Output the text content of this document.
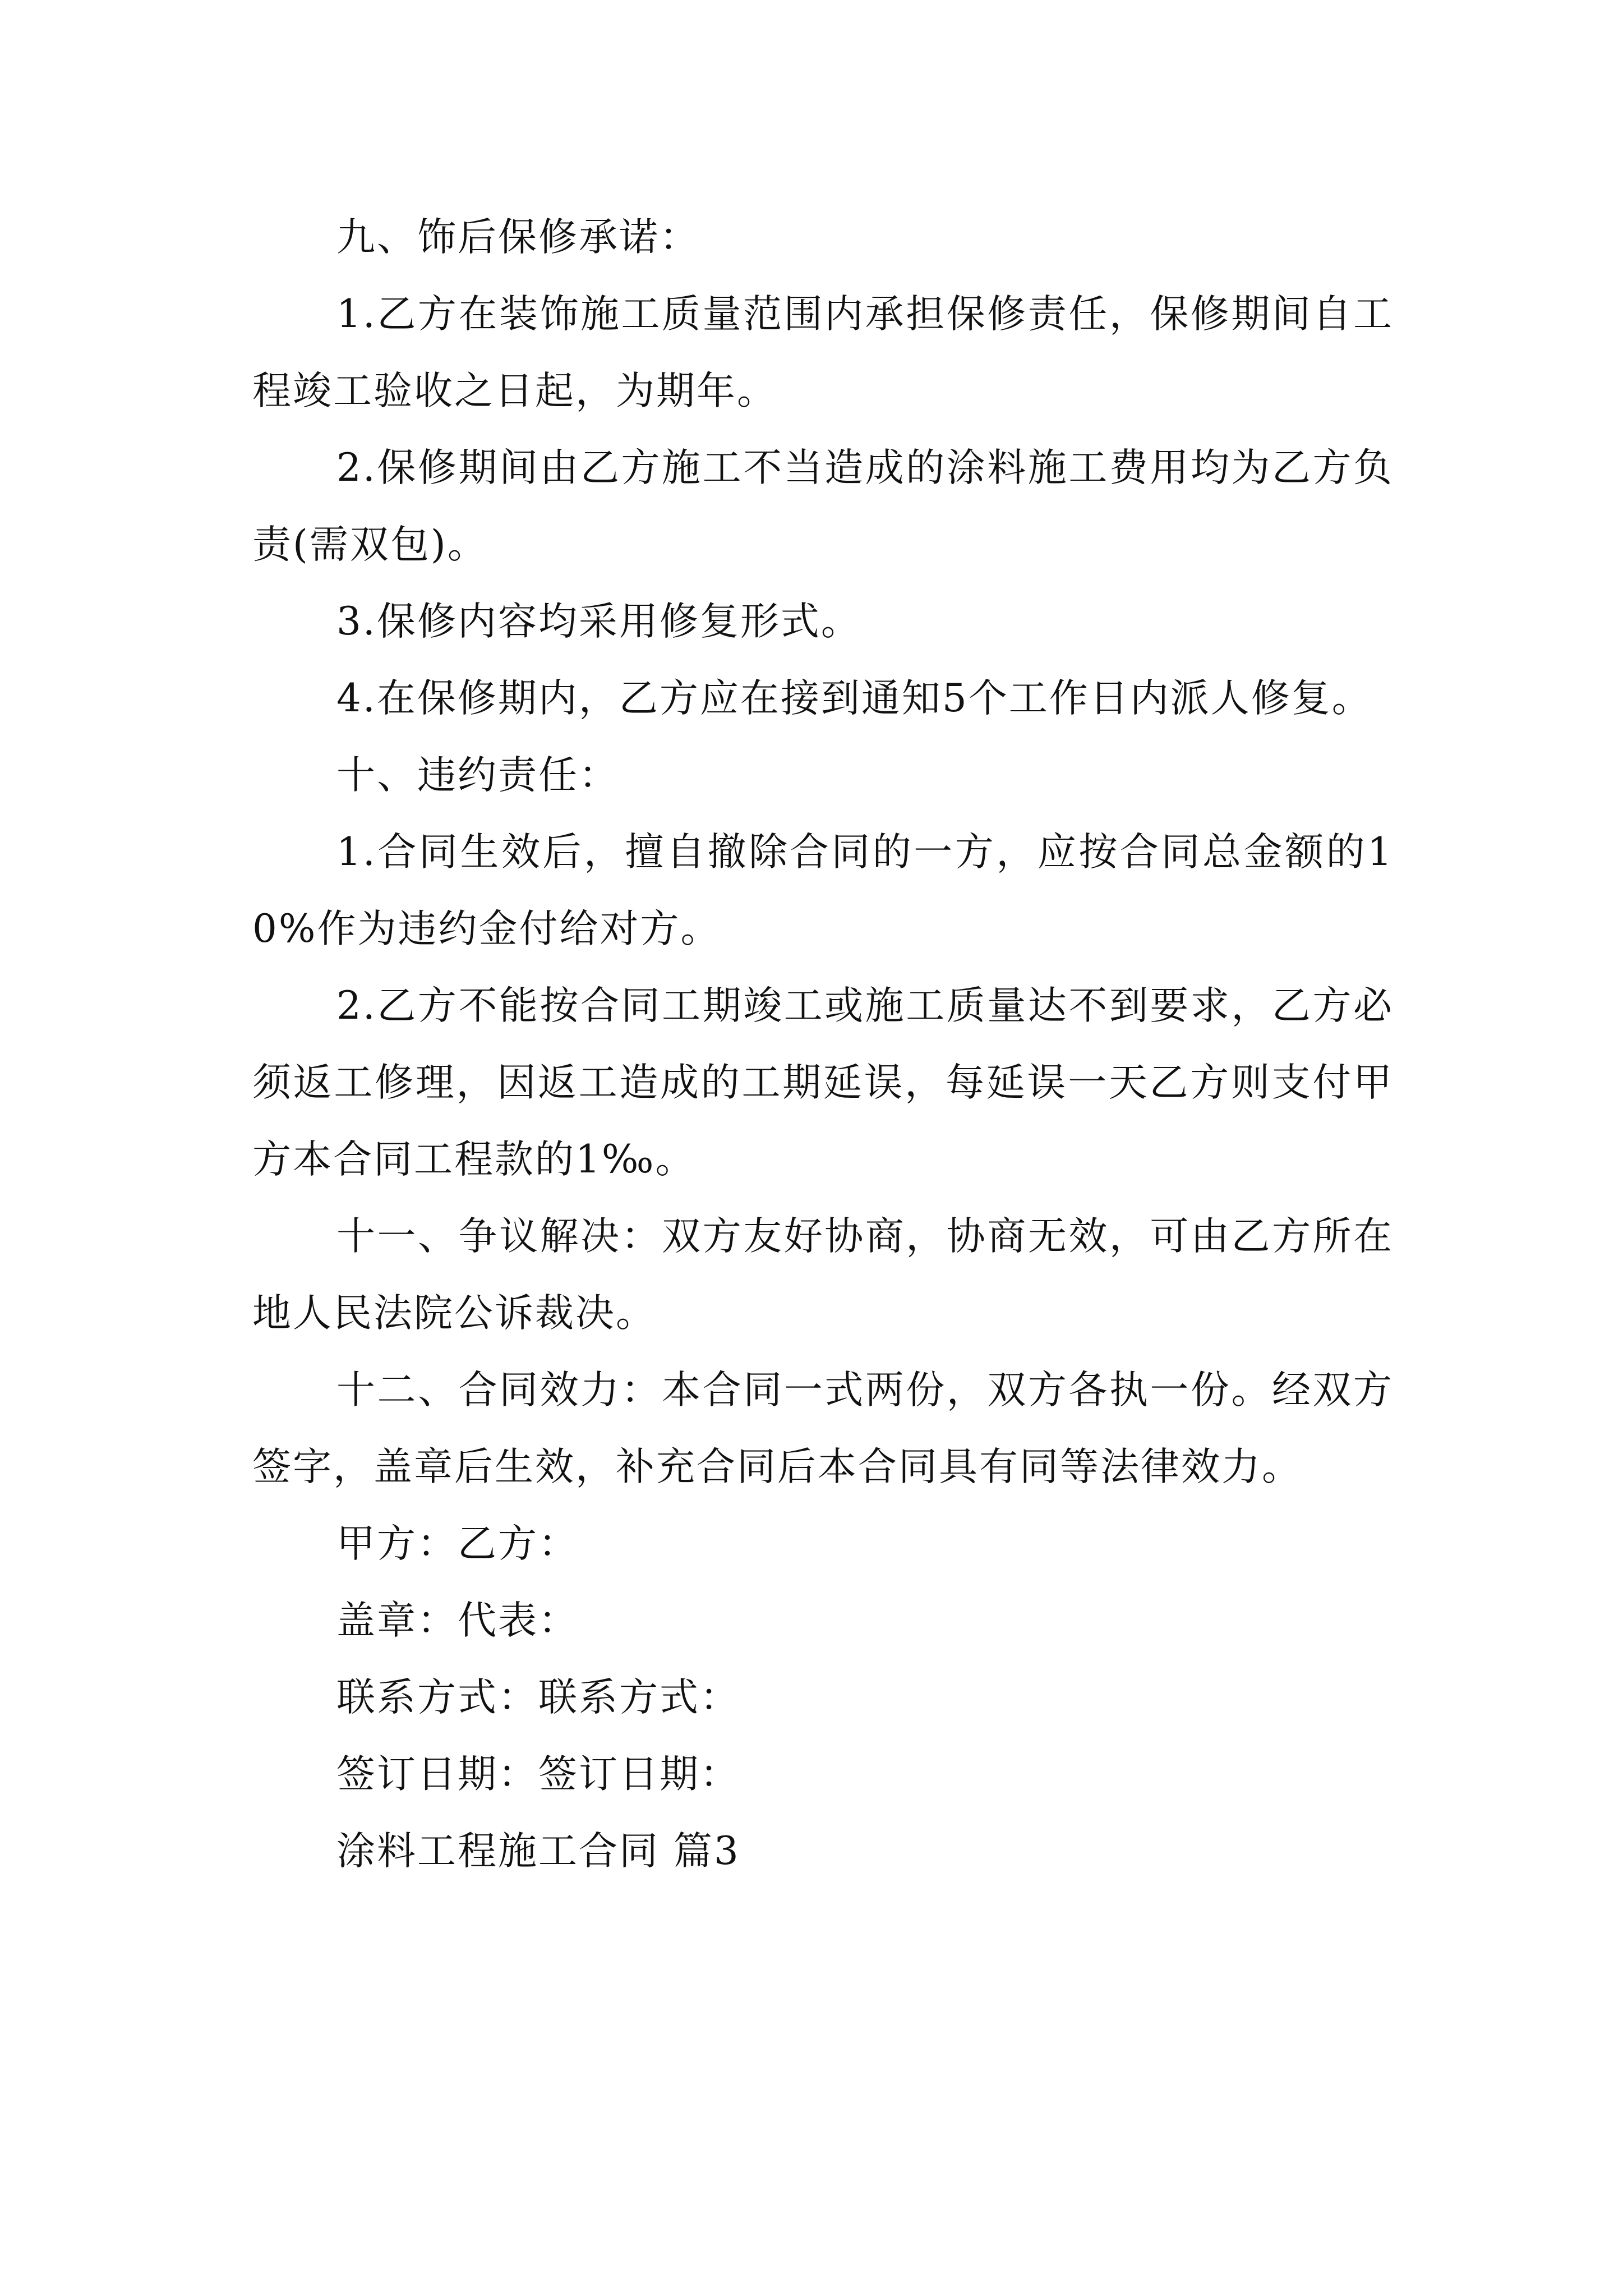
九、饰后保修承诺：

1.乙方在装饰施工质量范围内承担保修责任，保修期间自工程竣工验收之日起，为期年。

2.保修期间由乙方施工不当造成的涂料施工费用均为乙方负责(需双包)。

3.保修内容均采用修复形式。

4.在保修期内，乙方应在接到通知5个工作日内派人修复。

十、违约责任：

1.合同生效后，擅自撤除合同的一方，应按合同总金额的10%作为违约金付给对方。

2.乙方不能按合同工期竣工或施工质量达不到要求，乙方必须返工修理，因返工造成的工期延误，每延误一天乙方则支付甲方本合同工程款的1‰。

十一、争议解决：双方友好协商，协商无效，可由乙方所在地人民法院公诉裁决。

十二、合同效力：本合同一式两份，双方各执一份。经双方签字，盖章后生效，补充合同后本合同具有同等法律效力。

甲方：乙方：

盖章：代表：

联系方式：联系方式：

签订日期：签订日期：

涂料工程施工合同 篇3
